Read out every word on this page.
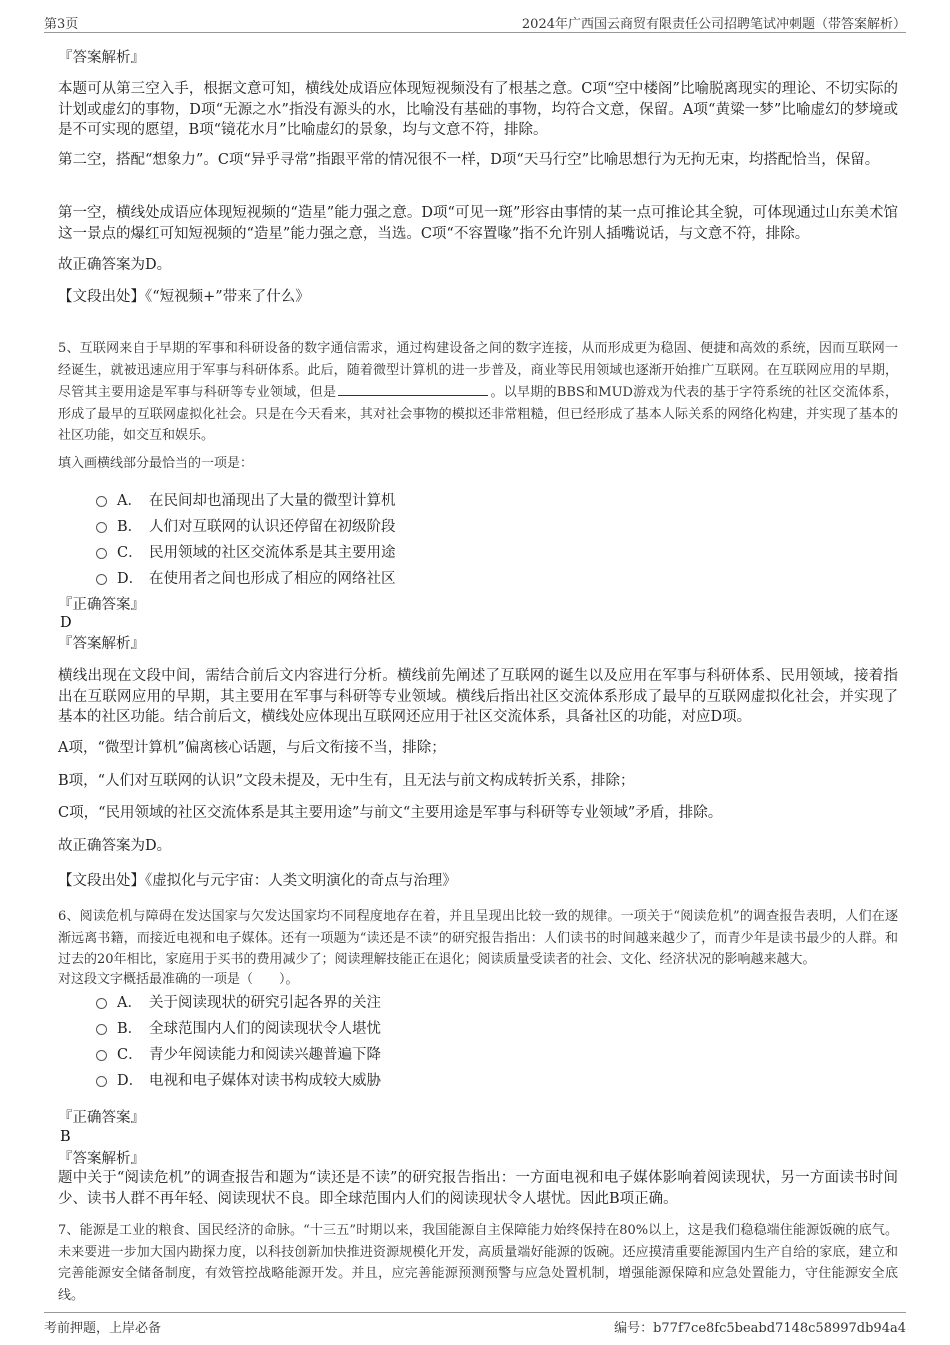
第3页	2024年广西国云商贸有限责任公司招聘笔试冲刺题（带答案解析）
『答案解析』

本题可从第三空入手，根据文意可知，横线处成语应体现短视频没有了根基之意。C项“空中楼阁”比喻脱离现实的理论、不切实际的计划或虚幻的事物，D项“无源之水”指没有源头的水，比喻没有基础的事物，均符合文意，保留。A项“黄粱一梦”比喻虚幻的梦境或是不可实现的愿望，B项“镜花水月”比喻虚幻的景象，均与文意不符，排除。

第二空，搭配“想象力”。C项“异乎寻常”指跟平常的情况很不一样，D项“天马行空”比喻思想行为无拘无束，均搭配恰当，保留。

第一空，横线处成语应体现短视频的“造星”能力强之意。D项“可见一斑”形容由事情的某一点可推论其全貌，可体现通过山东美术馆这一景点的爆红可知短视频的“造星”能力强之意，当选。C项“不容置喙”指不允许别人插嘴说话，与文意不符，排除。

故正确答案为D。

【文段出处】《“短视频+”带来了什么》

5、互联网来自于早期的军事和科研设备的数字通信需求，通过构建设备之间的数字连接，从而形成更为稳固、便捷和高效的系统，因而互联网一经诞生，就被迅速应用于军事与科研体系。此后，随着微型计算机的进一步普及，商业等民用领域也逐渐开始推广互联网。在互联网应用的早期，尽管其主要用途是军事与科研等专业领域，但是	。以早期的BBS和MUD游戏为代表的基于字符系统的社区交流体系，形成了最早的互联网虚拟化社会。只是在今天看来，其对社会事物的模拟还非常粗糙，但已经形成了基本人际关系的网络化构建，并实现了基本的社区功能，如交互和娱乐。

填入画横线部分最恰当的一项是：
A． 在民间却也涌现出了大量的微型计算机
B． 人们对互联网的认识还停留在初级阶段
C． 民用领域的社区交流体系是其主要用途
D． 在使用者之间也形成了相应的网络社区
『正确答案』
D
『答案解析』

横线出现在文段中间，需结合前后文内容进行分析。横线前先阐述了互联网的诞生以及应用在军事与科研体系、民用领域，接着指出在互联网应用的早期，其主要用在军事与科研等专业领域。横线后指出社区交流体系形成了最早的互联网虚拟化社会，并实现了基本的社区功能。结合前后文，横线处应体现出互联网还应用于社区交流体系，具备社区的功能，对应D项。

A项，“微型计算机”偏离核心话题，与后文衔接不当，排除；

B项，“人们对互联网的认识”文段未提及，无中生有，且无法与前文构成转折关系，排除；

C项，“民用领域的社区交流体系是其主要用途”与前文“主要用途是军事与科研等专业领域”矛盾，排除。

故正确答案为D。

【文段出处】《虚拟化与元宇宙：人类文明演化的奇点与治理》

6、阅读危机与障碍在发达国家与欠发达国家均不同程度地存在着，并且呈现出比较一致的规律。一项关于“阅读危机”的调查报告表明，人们在逐渐远离书籍，而接近电视和电子媒体。还有一项题为“读还是不读”的研究报告指出：人们读书的时间越来越少了，而青少年是读书最少的人群。和过去的20年相比，家庭用于买书的费用减少了；阅读理解技能正在退化；阅读质量受读者的社会、文化、经济状况的影响越来越大。

对这段文字概括最准确的一项是（　　）。
A． 关于阅读现状的研究引起各界的关注
B． 全球范围内人们的阅读现状令人堪忧
C． 青少年阅读能力和阅读兴趣普遍下降
D． 电视和电子媒体对读书构成较大威胁
『正确答案』
B
『答案解析』

题中关于“阅读危机”的调查报告和题为“读还是不读”的研究报告指出：一方面电视和电子媒体影响着阅读现状，另一方面读书时间少、读书人群不再年轻、阅读现状不良。即全球范围内人们的阅读现状令人堪忧。因此B项正确。

7、能源是工业的粮食、国民经济的命脉。“十三五”时期以来，我国能源自主保障能力始终保持在80%以上，这是我们稳稳端住能源饭碗的底气。未来要进一步加大国内勘探力度，以科技创新加快推进资源规模化开发，高质量端好能源的饭碗。还应摸清重要能源国内生产自给的家底，建立和完善能源安全储备制度，有效管控战略能源开发。并且，应完善能源预测预警与应急处置机制，增强能源保障和应急处置能力，守住能源安全底线。

考前押题，上岸必备	编号：b77f7ce8fc5beabd7148c58997db94a4
